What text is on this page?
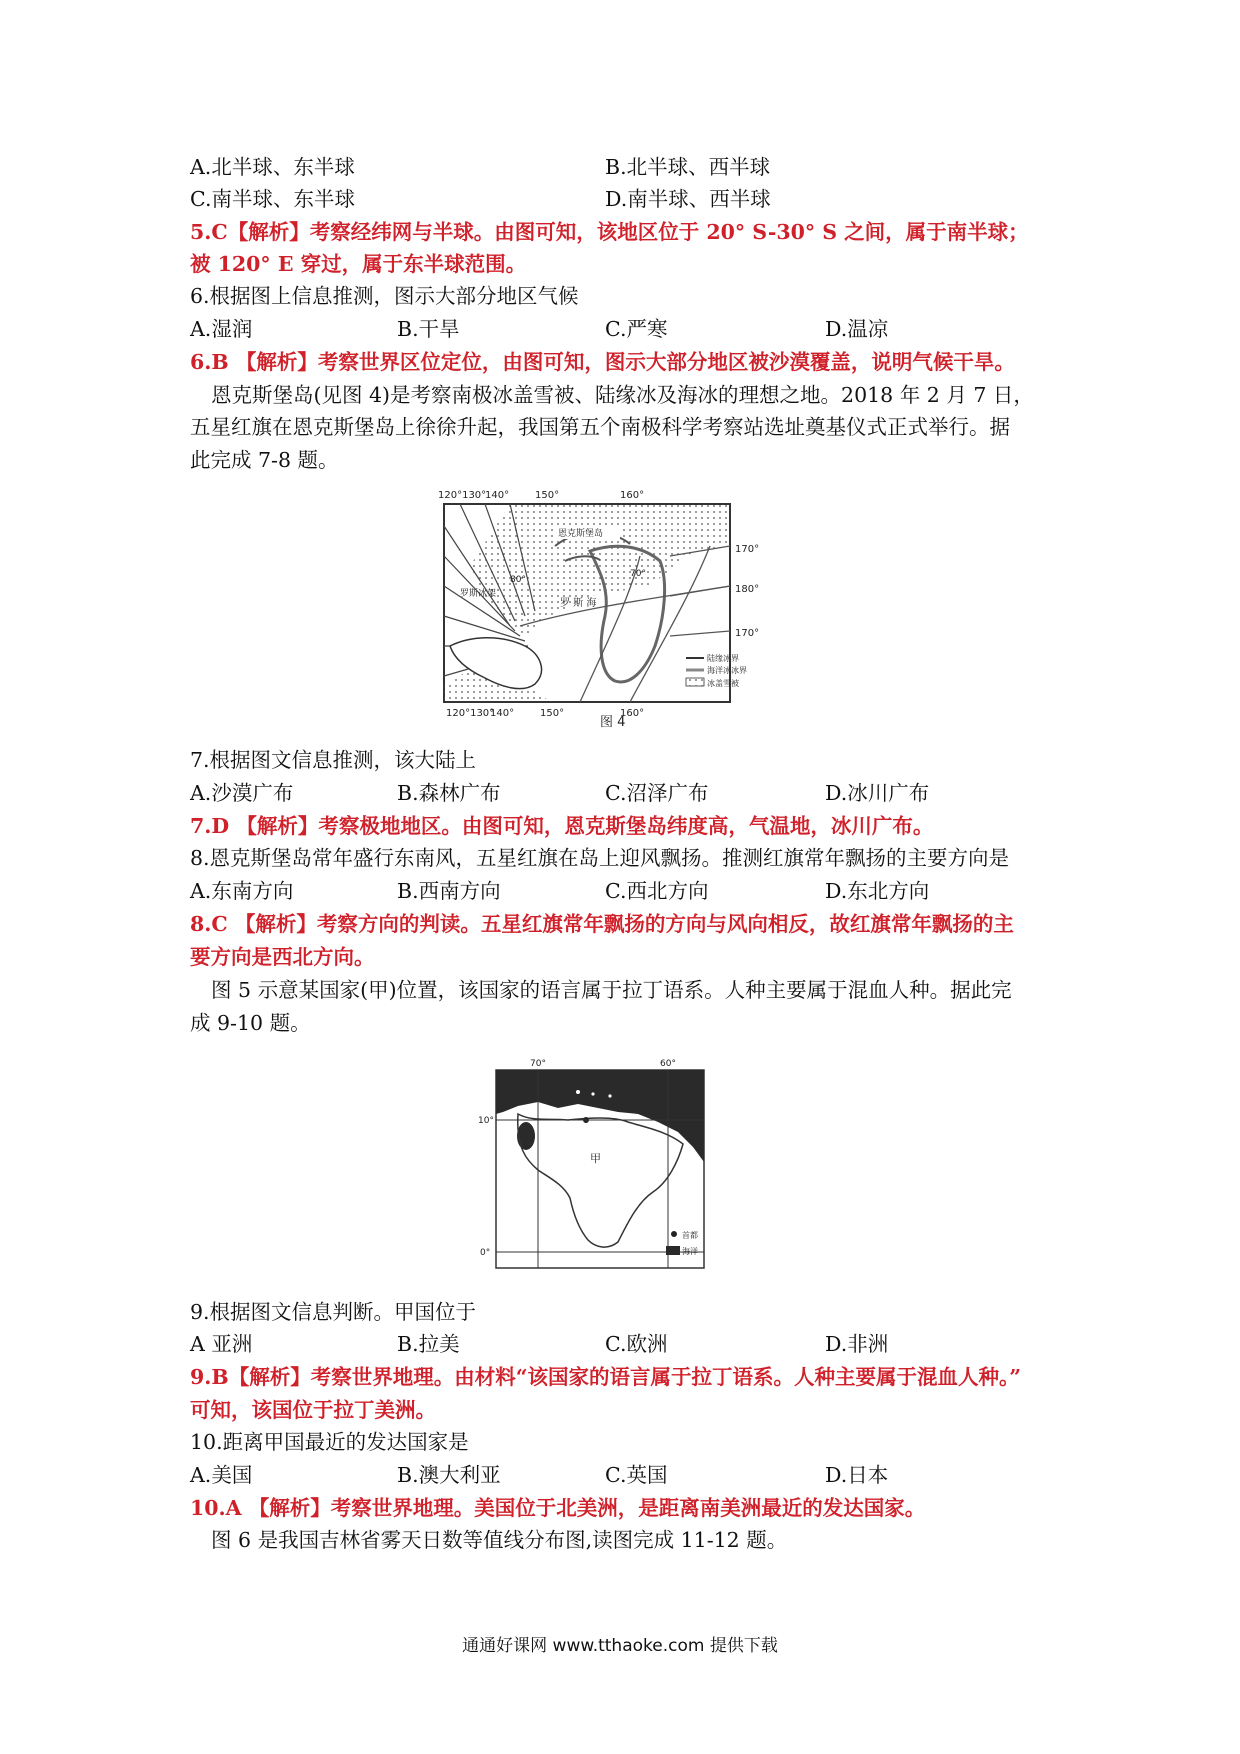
A.北半球、东半球	B.北半球、西半球
C.南半球、东半球	D.南半球、西半球
5.C【解析】考察经纬网与半球。由图可知，该地区位于 20° S-30° S 之间，属于南半球；
被 120° E 穿过，属于东半球范围。
6.根据图上信息推测，图示大部分地区气候
A.湿润	B.干旱	C.严寒	D.温凉
6.B 【解析】考察世界区位定位，由图可知，图示大部分地区被沙漠覆盖，说明气候干旱。
恩克斯堡岛(见图 4)是考察南极冰盖雪被、陆缘冰及海冰的理想之地。2018 年 2 月 7 日，
五星红旗在恩克斯堡岛上徐徐升起，我国第五个南极科学考察站选址奠基仪式正式举行。据
此完成 7-8 题。
120°130°
140°	150°	160°
120°130°
140°	150°	160°
170°
180°
170°
恩克斯堡岛
80°
70°
罗斯冰架
罗 斯 海
陆缘冰界
海洋冰冰界
冰盖雪被
图 4
7.根据图文信息推测，该大陆上
A.沙漠广布	B.森林广布	C.沼泽广布	D.冰川广布
7.D 【解析】考察极地地区。由图可知，恩克斯堡岛纬度高，气温地，冰川广布。
8.恩克斯堡岛常年盛行东南风，五星红旗在岛上迎风飘扬。推测红旗常年飘扬的主要方向是
A.东南方向	B.西南方向	C.西北方向	D.东北方向
8.C 【解析】考察方向的判读。五星红旗常年飘扬的方向与风向相反，故红旗常年飘扬的主
要方向是西北方向。
图 5 示意某国家(甲)位置，该国家的语言属于拉丁语系。人种主要属于混血人种。据此完
成 9-10 题。
70°	60°
10°
0°
甲
首都
海洋
9.根据图文信息判断。甲国位于
A 亚洲	B.拉美	C.欧洲	D.非洲
9.B【解析】考察世界地理。由材料“该国家的语言属于拉丁语系。人种主要属于混血人种。”
可知，该国位于拉丁美洲。
10.距离甲国最近的发达国家是
A.美国	B.澳大利亚	C.英国	D.日本
10.A 【解析】考察世界地理。美国位于北美洲，是距离南美洲最近的发达国家。
图 6 是我国吉林省雾天日数等值线分布图,读图完成 11-12 题。
通通好课网 www.tthaoke.com 提供下载
